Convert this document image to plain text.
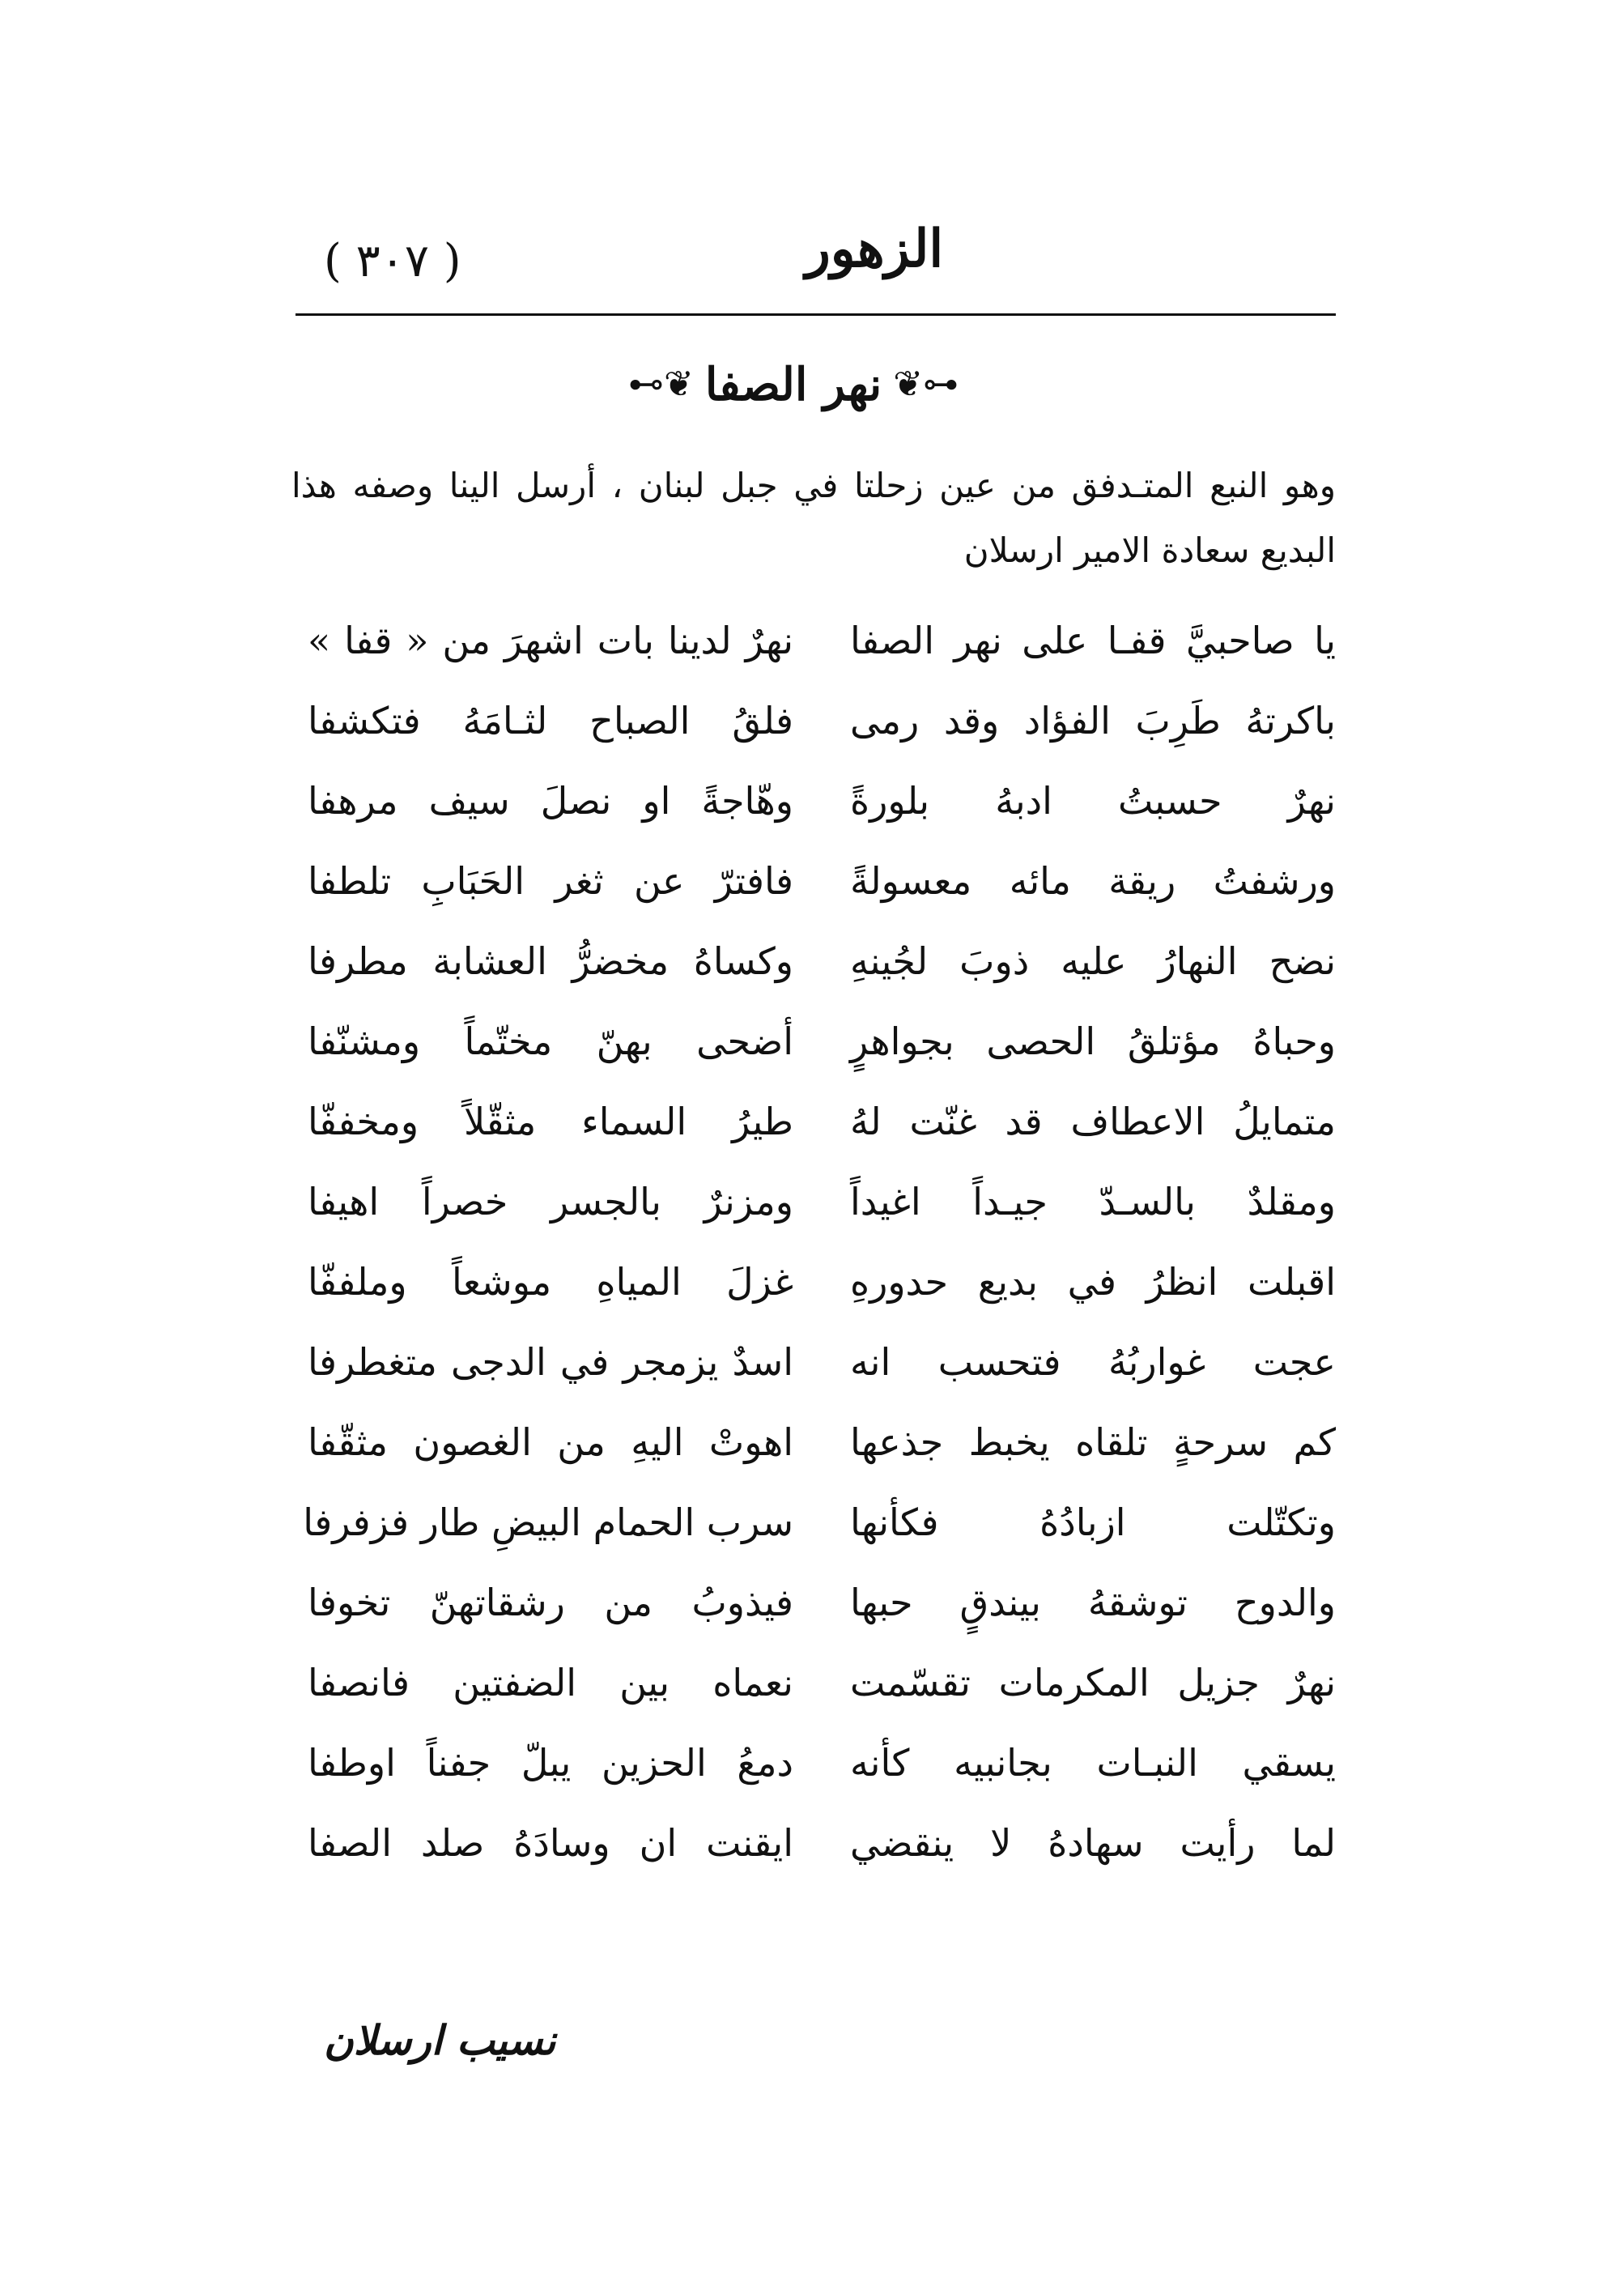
( ٣٠٧ )	الزهور
⊷❦ نهر الصفا ❦⊶
وهو النبع المتـدفق من عين زحلتا في جبل لبنان ، أرسل الينا وصفه هذا البديع سعادة الامير ارسلان
يا صاحبيَّ قفـا على نهر الصفا
نهرٌ لدينا بات اشهرَ من « قفا »
باكرتهُ طَرِبَ الفؤاد وقد رمى
فلقُ الصباح لثـامَهُ فتكشفا
نهرٌ حسبتُ ادبهُ بلورةً
وهّاجةً او نصلَ سيف مرهفا
ورشفتُ ريقة مائه معسولةً
فافترّ عن ثغر الحَبَابِ تلطفا
نضح النهارُ عليه ذوبَ لجُينهِ
وكساهُ مخضرُّ العشابة مطرفا
وحباهُ مؤتلقُ الحصى بجواهرٍ
أضحى بهنّ مختّماً ومشنّفا
متمايلُ الاعطاف قد غنّت لهُ
طيرُ السماء مثقّلاً ومخففّا
ومقلدٌ بالسـدّ جيـداً اغيداً
ومزنرٌ بالجسر خصراً اهيفا
اقبلت انظرُ في بديع حدورهِ
غزلَ المياهِ موشعاً وملففّا
عجت غواربُهُ فتحسب انه
اسدٌ يزمجر في الدجى متغطرفا
كم سرحةٍ تلقاه يخبط جذعها
اهوتْ اليهِ من الغصون مثقّفا
وتكتّلت ازبادُهُ فكأنها
سرب الحمام البيضِ طار فزفرفا
والدوح توشقهُ بيندقٍ حبها
فيذوبُ من رشقاتهنّ تخوفا
نهرٌ جزيل المكرمات تقسّمت
نعماه بين الضفتين فانصفا
يسقي النبـات بجانبيه كأنه
دمعُ الحزين يبلّ جفناً اوطفا
لما رأيت سهادهُ لا ينقضي
ايقنت ان وسادَهُ صلد الصفا
نسيب ارسلان
